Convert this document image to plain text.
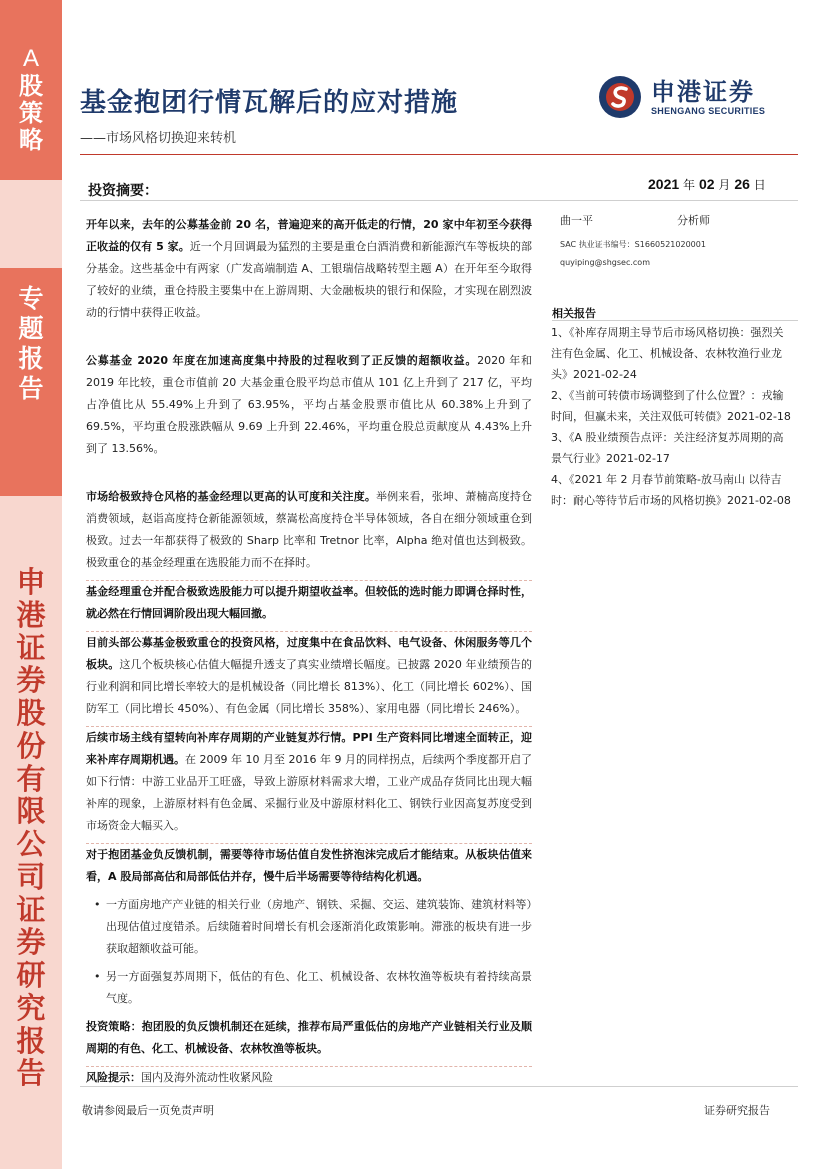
A
股策略
专题报告
申港证券股份有限公司证券研究报告
基金抱团行情瓦解后的应对措施
——市场风格切换迎来转机
申港证券
SHENGANG SECURITIES
投资摘要：	2021 年 02 月 26 日
开年以来，去年的公募基金前 20 名，普遍迎来的高开低走的行情，20 家中年初至今获得正收益的仅有 5 家。近一个月回调最为猛烈的主要是重仓白酒消费和新能源汽车等板块的部分基金。这些基金中有两家（广发高端制造 A、工银瑞信战略转型主题 A）在开年至今取得了较好的业绩，重仓持股主要集中在上游周期、大金融板块的银行和保险，才实现在剧烈波动的行情中获得正收益。
公募基金 2020 年度在加速高度集中持股的过程收到了正反馈的超额收益。2020 年和 2019 年比较，重仓市值前 20 大基金重仓股平均总市值从 101 亿上升到了 217 亿，平均占净值比从 55.49%上升到了 63.95%，平均占基金股票市值比从 60.38%上升到了 69.5%，平均重仓股涨跌幅从 9.69 上升到 22.46%，平均重仓股总贡献度从 4.43%上升到了 13.56%。
市场给极致持仓风格的基金经理以更高的认可度和关注度。举例来看，张坤、萧楠高度持仓消费领域，赵诣高度持仓新能源领域，蔡嵩松高度持仓半导体领域，各自在细分领域重仓到极致。过去一年都获得了极致的 Sharp 比率和 Tretnor 比率，Alpha 绝对值也达到极致。极致重仓的基金经理重在选股能力而不在择时。
基金经理重仓并配合极致选股能力可以提升期望收益率。但较低的选时能力即调仓择时性，就必然在行情回调阶段出现大幅回撤。
目前头部公募基金极致重仓的投资风格，过度集中在食品饮料、电气设备、休闲服务等几个板块。这几个板块核心估值大幅提升透支了真实业绩增长幅度。已披露 2020 年业绩预告的行业利润和同比增长率较大的是机械设备（同比增长 813%）、化工（同比增长 602%）、国防军工（同比增长 450%）、有色金属（同比增长 358%）、家用电器（同比增长 246%）。
后续市场主线有望转向补库存周期的产业链复苏行情。PPI 生产资料同比增速全面转正，迎来补库存周期机遇。在 2009 年 10 月至 2016 年 9 月的同样拐点，后续两个季度都开启了如下行情：中游工业品开工旺盛，导致上游原材料需求大增，工业产成品存货同比出现大幅补库的现象，上游原材料有色金属、采掘行业及中游原材料化工、钢铁行业因高复苏度受到市场资金大幅买入。
对于抱团基金负反馈机制，需要等待市场估值自发性挤泡沫完成后才能结束。从板块估值来看，A 股局部高估和局部低估并存，慢牛后半场需要等待结构化机遇。
• 一方面房地产产业链的相关行业（房地产、钢铁、采掘、交运、建筑装饰、建筑材料等）出现估值过度错杀。后续随着时间增长有机会逐渐消化政策影响。滞涨的板块有进一步获取超额收益可能。
• 另一方面强复苏周期下，低估的有色、化工、机械设备、农林牧渔等板块有着持续高景气度。
投资策略：抱团股的负反馈机制还在延续，推荐布局严重低估的房地产产业链相关行业及顺周期的有色、化工、机械设备、农林牧渔等板块。
风险提示：国内及海外流动性收紧风险
曲一平	分析师
SAC 执业证书编号：S1660521020001
quyiping@shgsec.com
相关报告
1、《补库存周期主导节后市场风格切换：强烈关注有色金属、化工、机械设备、农林牧渔行业龙头》2021-02-24
2、《当前可转债市场调整到了什么位置？：戎输时间，但赢未来，关注双低可转债》2021-02-18
3、《A 股业绩预告点评：关注经济复苏周期的高景气行业》2021-02-17
4、《2021 年 2 月春节前策略-放马南山 以待吉时：耐心等待节后市场的风格切换》2021-02-08
敬请参阅最后一页免责声明	证券研究报告
